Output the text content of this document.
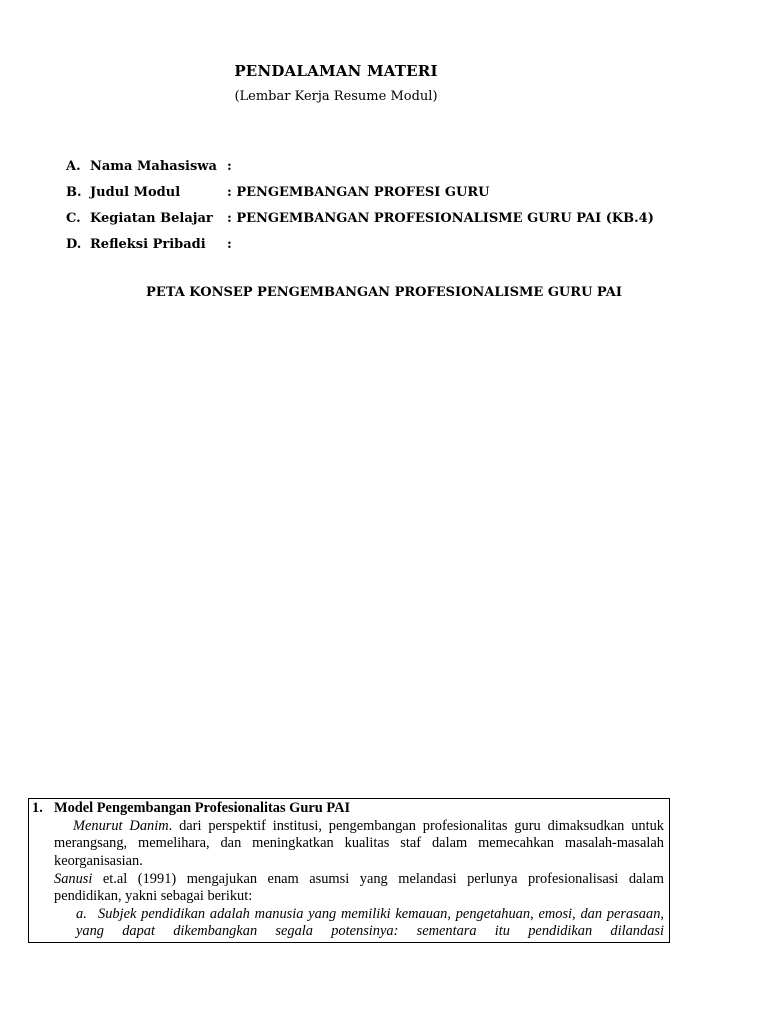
PENDALAMAN MATERI
(Lembar Kerja Resume Modul)
A. Nama Mahasiswa :
B. Judul Modul	: PENGEMBANGAN PROFESI GURU
C. Kegiatan Belajar	: PENGEMBANGAN PROFESIONALISME GURU PAI (KB.4)
D. Refleksi Pribadi	:
PETA KONSEP PENGEMBANGAN PROFESIONALISME GURU PAI
1. Model Pengembangan Profesionalitas Guru PAI
Menurut Danim. dari perspektif institusi, pengembangan profesionalitas guru dimaksudkan untuk merangsang, memelihara, dan meningkatkan kualitas staf dalam memecahkan masalah-masalah keorganisasian.
Sanusi et.al (1991) mengajukan enam asumsi yang melandasi perlunya profesionalisasi dalam pendidikan, yakni sebagai berikut:
a. Subjek pendidikan adalah manusia yang memiliki kemauan, pengetahuan, emosi, dan perasaan, yang dapat dikembangkan segala potensinya: sementara itu pendidikan dilandasi
